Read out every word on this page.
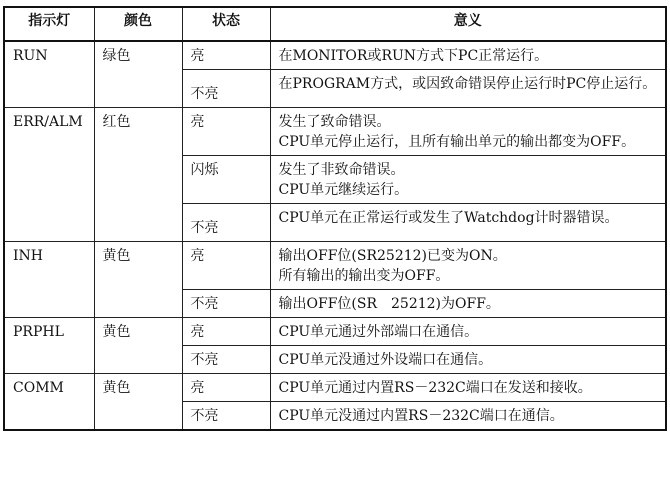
指示灯	颜色	状态	意义
RUN	绿色	亮	在MONITOR或RUN方式下PC正常运行。

		不亮	在PROGRAM方式，或因致命错误停止运行时PC停止运行。

ERR/ALM	红色	亮	发生了致命错误。
CPU单元停止运行，且所有输出单元的输出都变为OFF。

		闪烁	发生了非致命错误。
CPU单元继续运行。

		不亮	CPU单元在正常运行或发生了Watchdog计时器错误。

INH	黄色	亮	输出OFF位(SR25212)已变为ON。
所有输出的输出变为OFF。

		不亮	输出OFF位(SR　25212)为OFF。

PRPHL	黄色	亮	CPU单元通过外部端口在通信。

		不亮	CPU单元没通过外设端口在通信。

COMM	黄色	亮	CPU单元通过内置RS－232C端口在发送和接收。

		不亮	CPU单元没通过内置RS－232C端口在通信。
